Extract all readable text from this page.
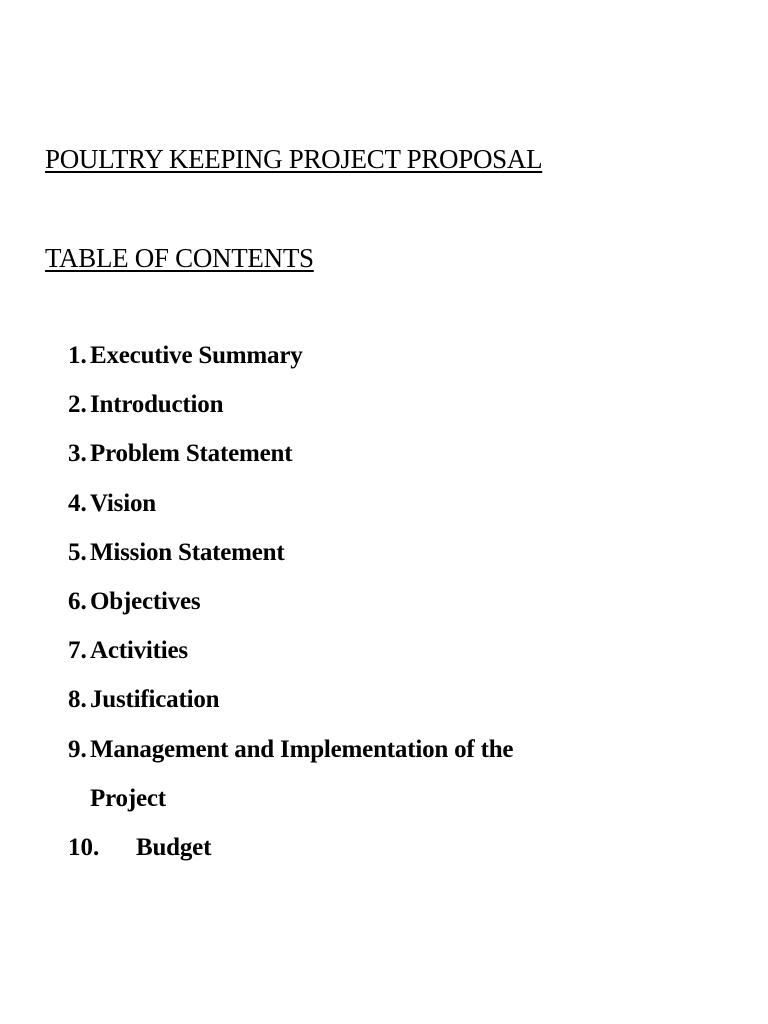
POULTRY KEEPING PROJECT PROPOSAL
TABLE OF CONTENTS
1. Executive Summary
2. Introduction
3. Problem Statement
4. Vision
5. Mission Statement
6. Objectives
7. Activities
8. Justification
9. Management and Implementation of the
Project
10. Budget
